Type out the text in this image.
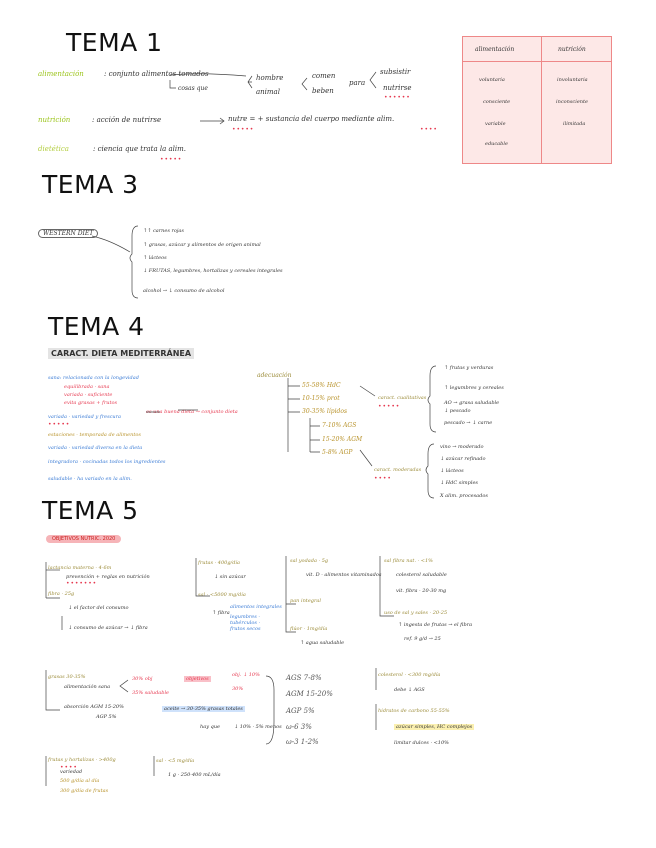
TEMA 1
alimentación	: conjunto alimentos tomados
cosas que
hombre
animal
comen
beben
para
subsistir
nutrirse
• • • • • •
nutrición	: acción de nutrirse	nutre = + sustancia del cuerpo mediante alim.
• • • • •	• • • •
dietética	: ciencia que trata la alim.
• • • • •
alimentación	nutrición
voluntaria	involuntaria
consciente	inconsciente
variable	ilimitada
educable
TEMA 3
WESTERN DIET	↑↑ carnes rojas
↑ grasas, azúcar y alimentos de origen animal
↑ lácteos
↓ FRUTAS, legumbres, hortalizas y cereales integrales
alcohol → ↓ consumo de alcohol
TEMA 4
CARACT. DIETA MEDITERRÁNEA
sana: relacionada con la longevidad
equilibrada · sana
variada · suficiente
evita grasas + frutos
variada · variedad y frescura
• • • • •
estaciones · temporada de alimentos
variada · variedad diversa en la dieta
integradora · cocinadas todos los ingredientes
saludable · ha variado en la alim.
es una buena dieta → conjunto dieta
adecuación
55-58% HdC
10-15% prot
30-35% lípidos
7-10% AGS
15-20% AGM
5-8% AGP
caract. cualitativas
• • • • •
↑ frutas y verduras
↑ legumbres y cereales
AO → grasa saludable
↓ pescado
pescado → ↓ carne
caract. moderadas
• • • •
vino → moderado
↓ azúcar refinado
↓ lácteos
↓ HdC simples
X alim. procesados
TEMA 5
OBJETIVOS NUTRIC. 2020
lactancia materna · 4-6m
prevención + reglas en nutrición
• • • • • • •
fibra · 25g
↓ el factor del consumo
↓ consumo de azúcar → ↓ fibra
frutas · 400g/día
↓ sin azúcar
sal · <5000 mg/día
↑ fibra
alimentos integrales
legumbres · tubérculos · frutos secos
sal yodada · 5g
vit. D · alimentos vitaminados
pan integral
flúor · 1mg/día
↑ agua saludable
sal fibra nat. · <1%
colesterol saludable
vit. fibra · 20-30 mg
uso de sal y sales · 20-25
↑ ingesta de frutas → el fibra
ref. 9 g/d → 25
grasas 30-35%
alimentación sana
absorción AGM 15-20%
AGP 5%
30% obj
35% saludable
objetivos
obj. ↓ 10%
30%
aceite → 30-35% grasas totales
hay que	↓ 10% · 5% menos
AGS 7-8%
AGM 15-20%
AGP 5%
ω-6 3%
ω-3 1-2%
colesterol · <300 mg/día
debe ↓ AGS
hidratos de carbono 55-55%
azúcar simples, HC complejos
limitar dulces · <10%
frutas y hortalizas · >400g
• • • •
variedad
500 g/día al día
300 g/día de frutas
sal · <5 mg/día
1 g · 250-400 mL/día
